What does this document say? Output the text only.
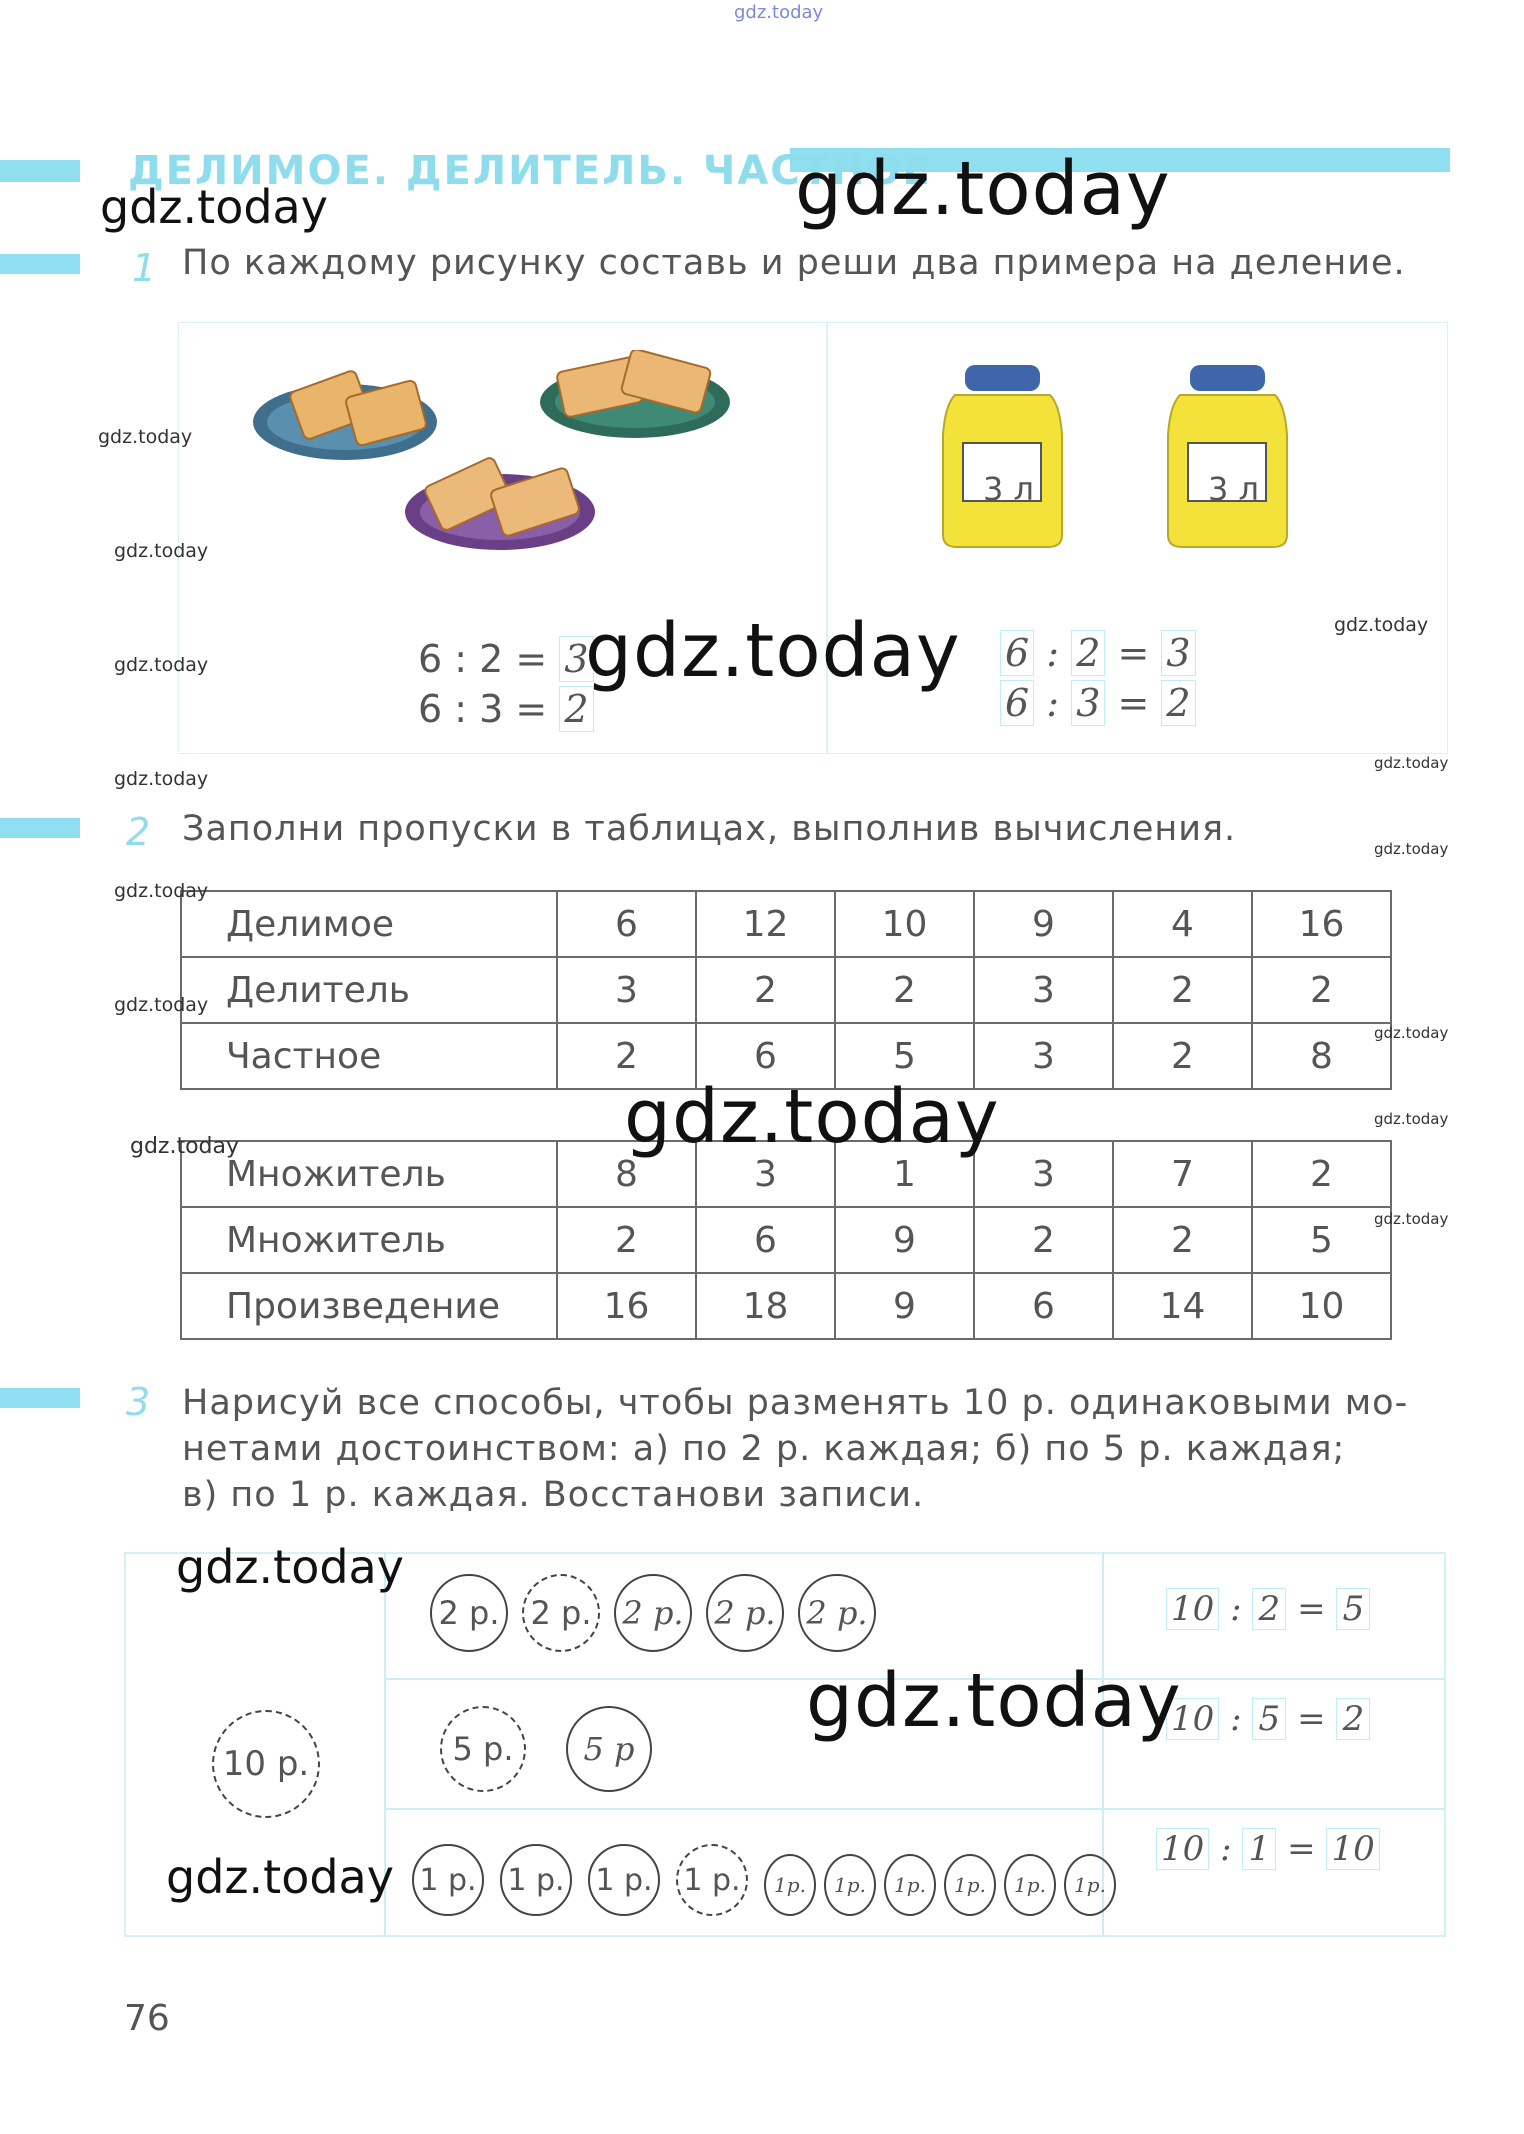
gdz.today
ДЕЛИМОЕ. ДЕЛИТЕЛЬ. ЧАСТНОЕ
1 По каждому рисунку составь и реши два примера на деление.
3 л	3 л
6 : 2 = 3
6 : 3 = 2
6 : 2 = 3
6 : 3 = 2
2 Заполни пропуски в таблицах, выполнив вычисления.
Делимое	6	12	10	9	4	16
Делитель	3	2	2	3	2	2
Частное	2	6	5	3	2	8
Множитель	8	3	1	3	7	2
Множитель	2	6	9	2	2	5
Произведение	16	18	9	6	14	10
3 Нарисуй все способы, чтобы разменять 10 р. одинаковыми мо-
нетами достоинством: а) по 2 р. каждая; б) по 5 р. каждая;
в) по 1 р. каждая. Восстанови записи.
10 р.
2 р. 2 р. 2 р. 2 р. 2 р.
5 р. 5 р
1 р. 1 р. 1 р. 1 р. 1р. 1р. 1р. 1р. 1р. 1р.
10 : 2 = 5
10 : 5 = 2
10 : 1 = 10
76
gdz.today
gdz.today
gdz.today
gdz.today
gdz.today	gdz.today	gdz.today
gdz.today
gdz.today
gdz.today
gdz.today
gdz.today
gdz.today
gdz.today	gdz.today
gdz.today
gdz.today
gdz.today
gdz.today
gdz.today
